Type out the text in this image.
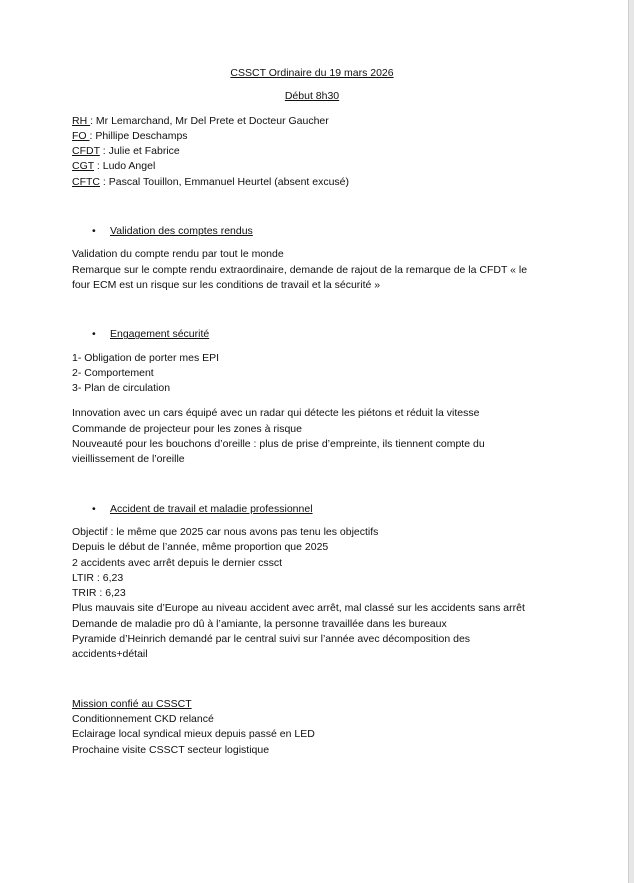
CSSCT Ordinaire du 19 mars 2026
Début 8h30
RH : Mr Lemarchand, Mr Del Prete et Docteur Gaucher
FO : Phillipe Deschamps
CFDT : Julie et Fabrice
CGT : Ludo Angel
CFTC : Pascal Touillon, Emmanuel Heurtel (absent excusé)
• Validation des comptes rendus
Validation du compte rendu par tout le monde
Remarque sur le compte rendu extraordinaire, demande de rajout de la remarque de la CFDT « le
four ECM est un risque sur les conditions de travail et la sécurité »
• Engagement sécurité
1- Obligation de porter mes EPI
2- Comportement
3- Plan de circulation
Innovation avec un cars équipé avec un radar qui détecte les piétons et réduit la vitesse
Commande de projecteur pour les zones à risque
Nouveauté pour les bouchons d’oreille : plus de prise d’empreinte, ils tiennent compte du
vieillissement de l’oreille
• Accident de travail et maladie professionnel
Objectif : le même que 2025 car nous avons pas tenu les objectifs
Depuis le début de l’année, même proportion que 2025
2 accidents avec arrêt depuis le dernier cssct
LTIR : 6,23
TRIR : 6,23
Plus mauvais site d’Europe au niveau accident avec arrêt, mal classé sur les accidents sans arrêt
Demande de maladie pro dû à l’amiante, la personne travaillée dans les bureaux
Pyramide d’Heinrich demandé par le central suivi sur l’année avec décomposition des
accidents+détail
Mission confié au CSSCT
Conditionnement CKD relancé
Eclairage local syndical mieux depuis passé en LED
Prochaine visite CSSCT secteur logistique
